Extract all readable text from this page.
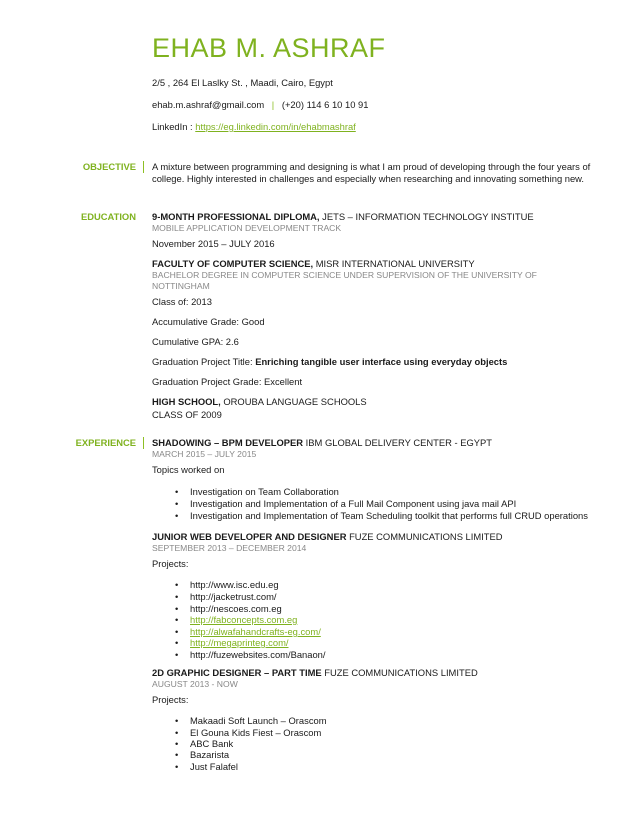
EHAB M. ASHRAF
2/5 , 264 El Laslky St. , Maadi, Cairo, Egypt
ehab.m.ashraf@gmail.com | (+20) 114 6 10 10 91
LinkedIn : https://eg.linkedin.com/in/ehabmashraf
OBJECTIVE A mixture between programming and designing is what I am proud of developing through the four years of
college. Highly interested in challenges and especially when researching and innovating something new.
EDUCATION 9-MONTH PROFESSIONAL DIPLOMA, JETS – INFORMATION TECHNOLOGY INSTITUE
MOBILE APPLICATION DEVELOPMENT TRACK
November 2015 – JULY 2016
FACULTY OF COMPUTER SCIENCE, MISR INTERNATIONAL UNIVERSITY
BACHELOR DEGREE IN COMPUTER SCIENCE UNDER SUPERVISION OF THE UNIVERSITY OF
NOTTINGHAM
Class of: 2013
Accumulative Grade: Good
Cumulative GPA: 2.6
Graduation Project Title: Enriching tangible user interface using everyday objects
Graduation Project Grade: Excellent
HIGH SCHOOL, OROUBA LANGUAGE SCHOOLS
CLASS OF 2009
EXPERIENCE SHADOWING – BPM DEVELOPER IBM GLOBAL DELIVERY CENTER - EGYPT
MARCH 2015 – JULY 2015
Topics worked on
• Investigation on Team Collaboration
• Investigation and Implementation of a Full Mail Component using java mail API
• Investigation and Implementation of Team Scheduling toolkit that performs full CRUD operations
JUNIOR WEB DEVELOPER AND DESIGNER FUZE COMMUNICATIONS LIMITED
SEPTEMBER 2013 – DECEMBER 2014
Projects:
• http://www.isc.edu.eg
• http://jacketrust.com/
• http://nescoes.com.eg
• http://fabconcepts.com.eg
• http://alwafahandcrafts-eg.com/
• http://megaprinteg.com/
• http://fuzewebsites.com/Banaon/
2D GRAPHIC DESIGNER – PART TIME FUZE COMMUNICATIONS LIMITED
AUGUST 2013 - NOW
Projects:
• Makaadi Soft Launch – Orascom
• El Gouna Kids Fiest – Orascom
• ABC Bank
• Bazarista
• Just Falafel
